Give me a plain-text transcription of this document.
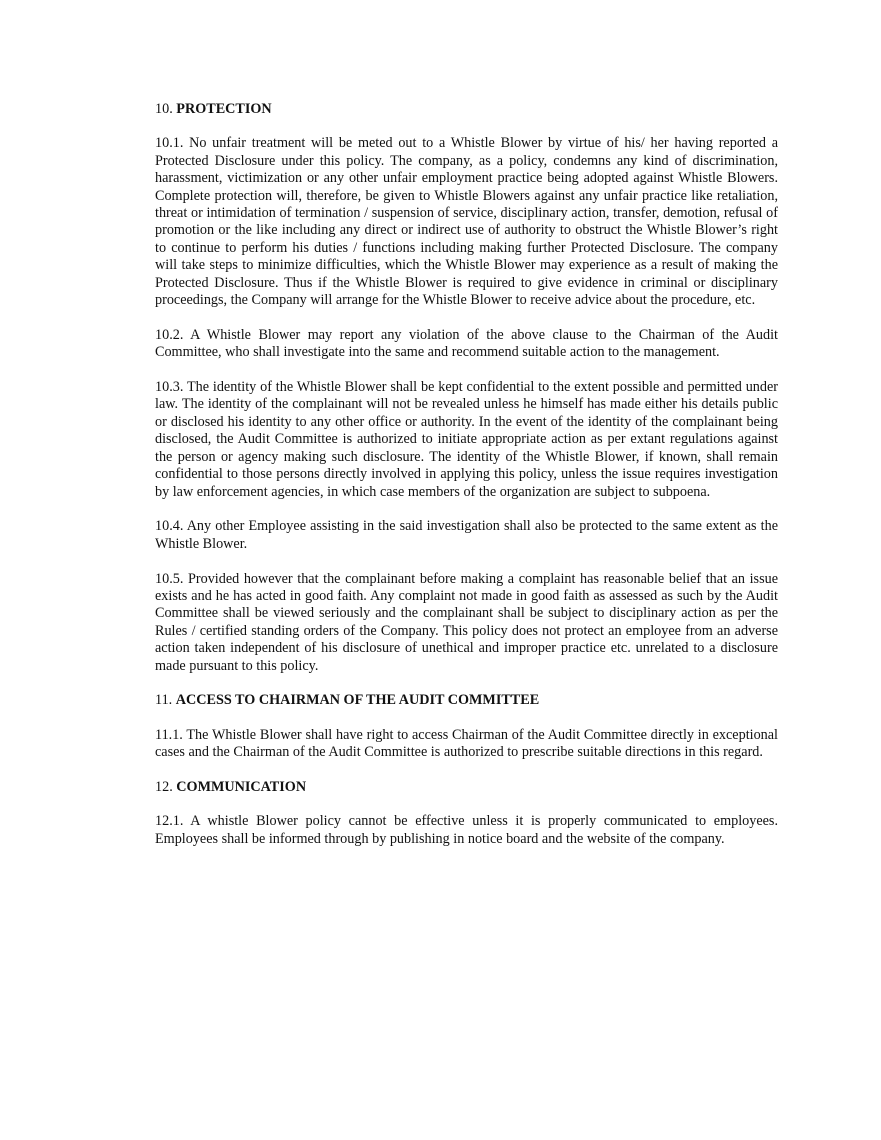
10. PROTECTION

10.1. No unfair treatment will be meted out to a Whistle Blower by virtue of his/ her having reported a Protected Disclosure under this policy. The company, as a policy, condemns any kind of discrimination, harassment, victimization or any other unfair employment practice being adopted against Whistle Blowers. Complete protection will, therefore, be given to Whistle Blowers against any unfair practice like retaliation, threat or intimidation of termination / suspension of service, disciplinary action, transfer, demotion, refusal of promotion or the like including any direct or indirect use of authority to obstruct the Whistle Blower’s right to continue to perform his duties / functions including making further Protected Disclosure. The company will take steps to minimize difficulties, which the Whistle Blower may experience as a result of making the Protected Disclosure. Thus if the Whistle Blower is required to give evidence in criminal or disciplinary proceedings, the Company will arrange for the Whistle Blower to receive advice about the procedure, etc.

10.2. A Whistle Blower may report any violation of the above clause to the Chairman of the Audit Committee, who shall investigate into the same and recommend suitable action to the management.

10.3. The identity of the Whistle Blower shall be kept confidential to the extent possible and permitted under law. The identity of the complainant will not be revealed unless he himself has made either his details public or disclosed his identity to any other office or authority. In the event of the identity of the complainant being disclosed, the Audit Committee is authorized to initiate appropriate action as per extant regulations against the person or agency making such disclosure. The identity of the Whistle Blower, if known, shall remain confidential to those persons directly involved in applying this policy, unless the issue requires investigation by law enforcement agencies, in which case members of the organization are subject to subpoena.

10.4. Any other Employee assisting in the said investigation shall also be protected to the same extent as the Whistle Blower.

10.5. Provided however that the complainant before making a complaint has reasonable belief that an issue exists and he has acted in good faith. Any complaint not made in good faith as assessed as such by the Audit Committee shall be viewed seriously and the complainant shall be subject to disciplinary action as per the Rules / certified standing orders of the Company. This policy does not protect an employee from an adverse action taken independent of his disclosure of unethical and improper practice etc. unrelated to a disclosure made pursuant to this policy.

11. ACCESS TO CHAIRMAN OF THE AUDIT COMMITTEE

11.1. The Whistle Blower shall have right to access Chairman of the Audit Committee directly in exceptional cases and the Chairman of the Audit Committee is authorized to prescribe suitable directions in this regard.

12. COMMUNICATION

12.1. A whistle Blower policy cannot be effective unless it is properly communicated to employees. Employees shall be informed through by publishing in notice board and the website of the company.
